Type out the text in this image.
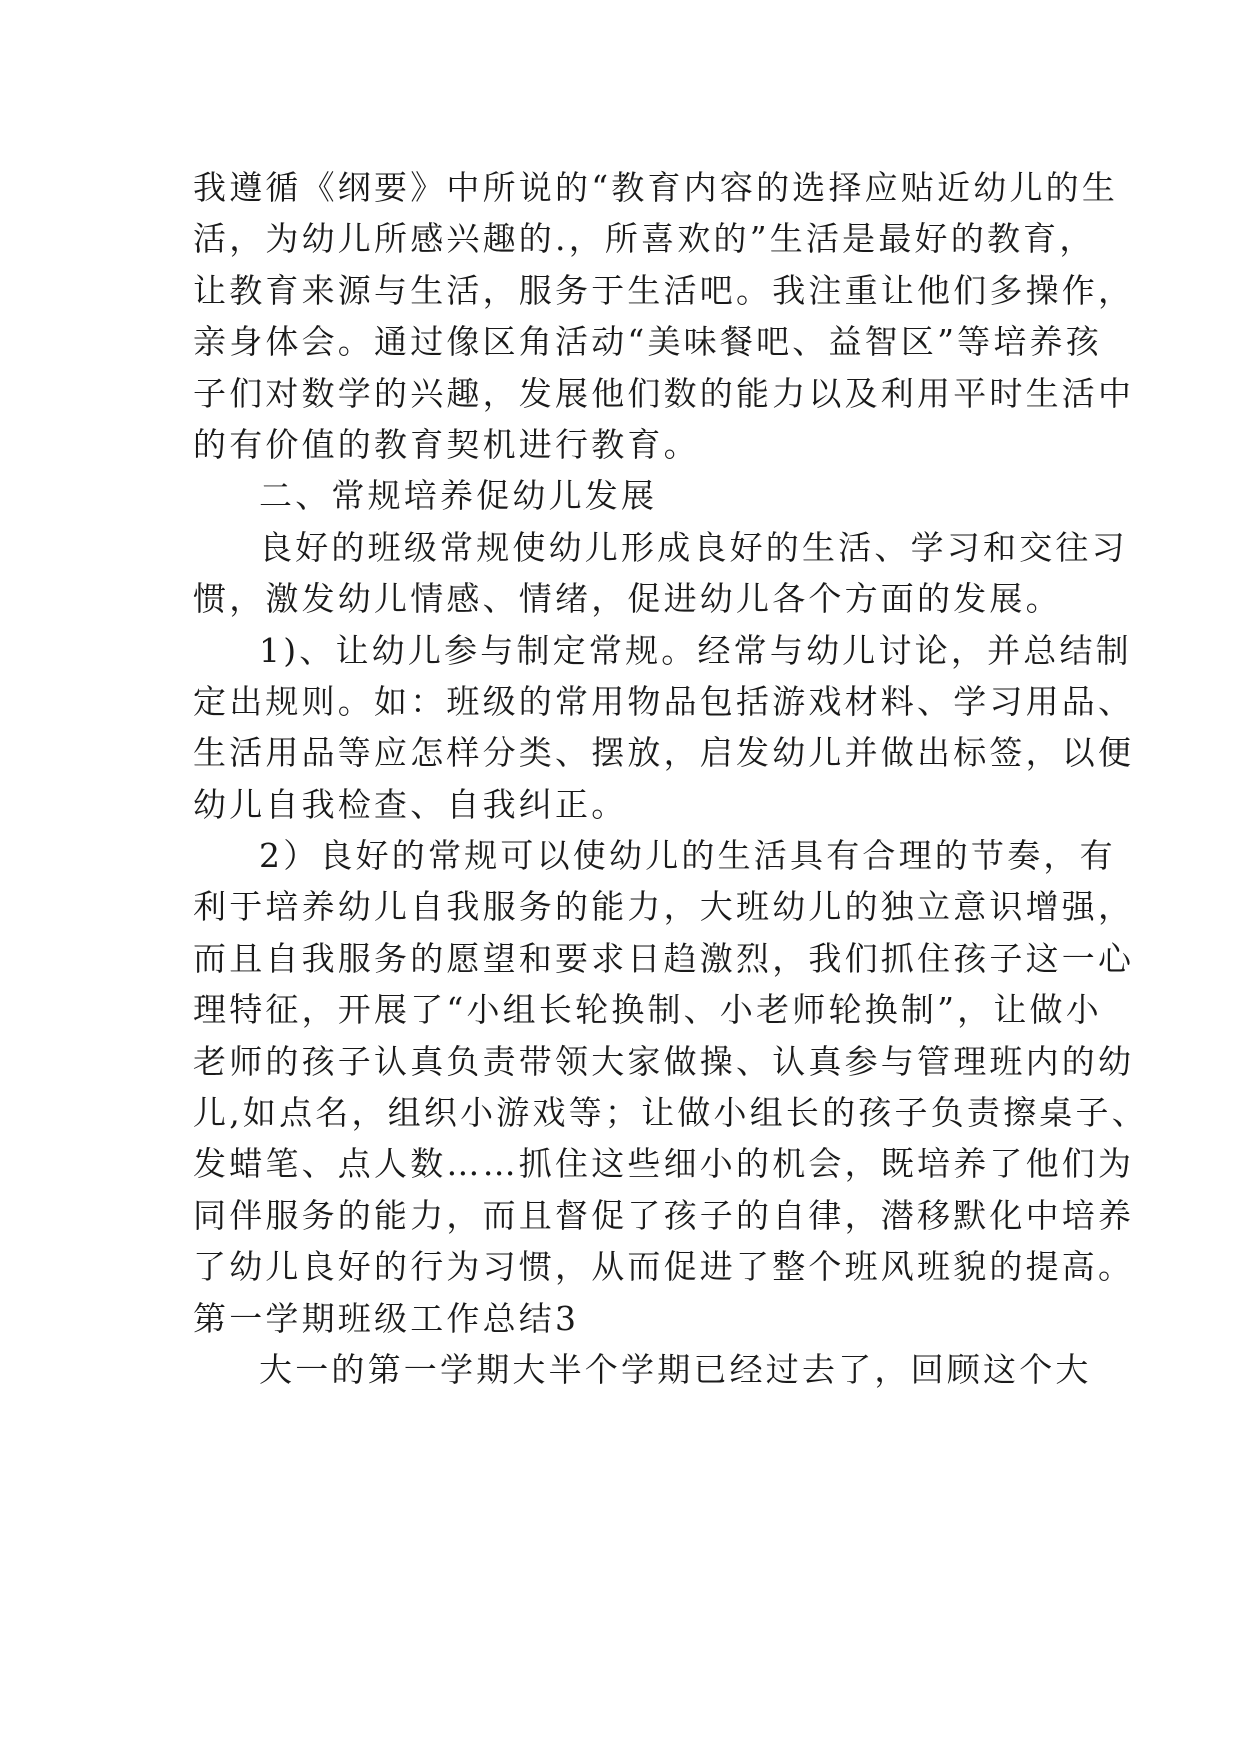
我遵循《纲要》中所说的“教育内容的选择应贴近幼儿的生
活，为幼儿所感兴趣的.，所喜欢的”生活是最好的教育，
让教育来源与生活，服务于生活吧。我注重让他们多操作，
亲身体会。通过像区角活动“美味餐吧、益智区”等培养孩
子们对数学的兴趣，发展他们数的能力以及利用平时生活中
的有价值的教育契机进行教育。
二、常规培养促幼儿发展
良好的班级常规使幼儿形成良好的生活、学习和交往习
惯，激发幼儿情感、情绪，促进幼儿各个方面的发展。
1)、让幼儿参与制定常规。经常与幼儿讨论，并总结制
定出规则。如：班级的常用物品包括游戏材料、学习用品、
生活用品等应怎样分类、摆放，启发幼儿并做出标签，以便
幼儿自我检查、自我纠正。
2）良好的常规可以使幼儿的生活具有合理的节奏，有
利于培养幼儿自我服务的能力，大班幼儿的独立意识增强，
而且自我服务的愿望和要求日趋激烈，我们抓住孩子这一心
理特征，开展了“小组长轮换制、小老师轮换制”，让做小
老师的孩子认真负责带领大家做操、认真参与管理班内的幼
儿,如点名，组织小游戏等；让做小组长的孩子负责擦桌子、
发蜡笔、点人数……抓住这些细小的机会，既培养了他们为
同伴服务的能力，而且督促了孩子的自律，潜移默化中培养
了幼儿良好的行为习惯，从而促进了整个班风班貌的提高。
第一学期班级工作总结3
大一的第一学期大半个学期已经过去了，回顾这个大
